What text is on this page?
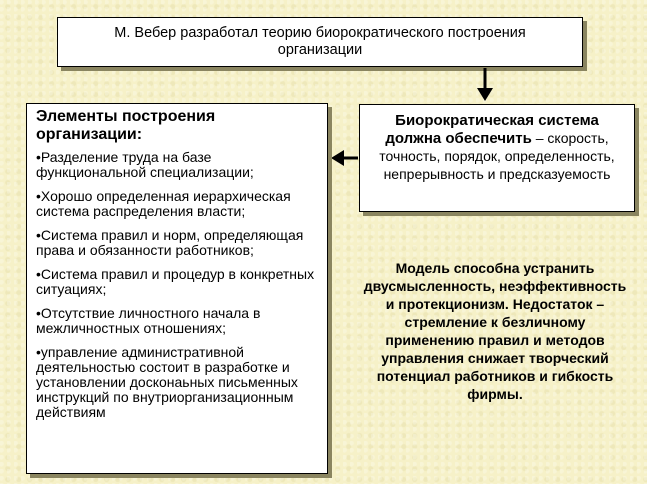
М. Вебер разработал теорию биорократического построения организации
Биорократическая система должна обеспечить – скорость, точность, порядок, определенность, непрерывность и предсказуемость
Элементы построения организации:
•Разделение труда на базе функциональной специализации;
•Хорошо определенная иерархическая система распределения власти;
•Система правил и норм, определяющая права и обязанности работников;
•Система правил и процедур в конкретных ситуациях;
•Отсутствие личностного начала в межличностных отношениях;
•управление административной деятельностью состоит в разработке и установлении досконаьных письменных инструкций по внутриорганизационным действиям
Модель способна устранить двусмысленность, неэффективность и протекционизм. Недостаток – стремление к безличному применению правил и методов управления снижает творческий потенциал работников и гибкость фирмы.
